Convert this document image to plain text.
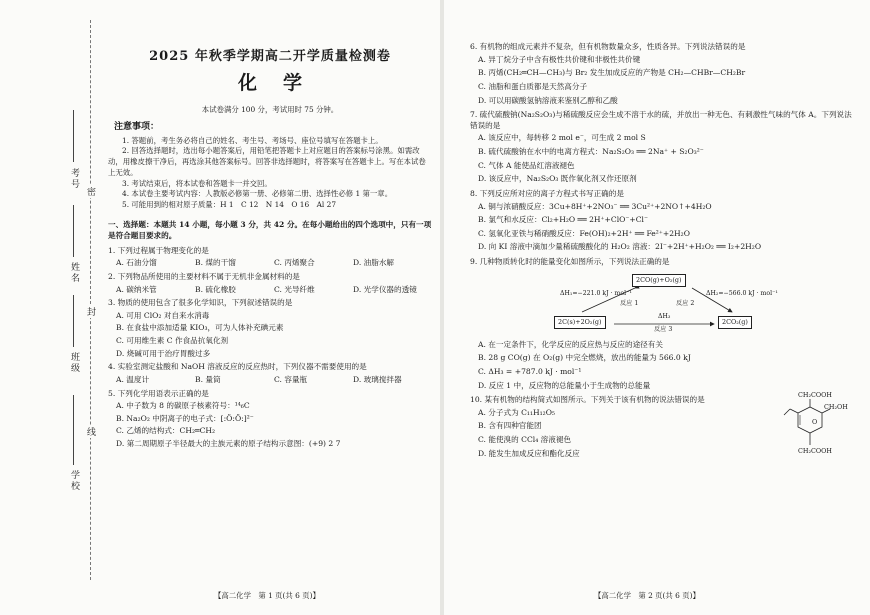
考号
姓名
班级
学校
密
封
线
2025 年秋季学期高二开学质量检测卷
化学
本试卷满分 100 分，考试用时 75 分钟。
注意事项：

1. 答题前，考生务必将自己的姓名、考生号、考场号、座位号填写在答题卡上。

2. 回答选择题时，选出每小题答案后，用铅笔把答题卡上对应题目的答案标号涂黑。如需改动，用橡皮擦干净后，再选涂其他答案标号。回答非选择题时，将答案写在答题卡上。写在本试卷上无效。

3. 考试结束后，将本试卷和答题卡一并交回。

4. 本试卷主要考试内容：人教版必修第一册、必修第二册、选择性必修 1 第一章。

5. 可能用到的相对原子质量：H 1　C 12　N 14　O 16　Al 27

一、选择题：本题共 14 小题，每小题 3 分，共 42 分。在每小题给出的四个选项中，只有一项是符合题目要求的。
1. 下列过程属于物理变化的是
A. 石油分馏	B. 煤的干馏	C. 丙烯聚合	D. 油脂水解
2. 下列物品所使用的主要材料不属于无机非金属材料的是
A. 碳纳米管	B. 硫化橡胶	C. 光导纤维	D. 光学仪器的透镜
3. 物质的使用包含了很多化学知识，下列叙述错误的是
A. 可用 ClO₂ 对自来水消毒
B. 在食盐中添加适量 KIO₃，可为人体补充碘元素
C. 可用维生素 C 作食品抗氧化剂
D. 烧碱可用于治疗胃酸过多
4. 实验室测定盐酸和 NaOH 溶液反应的反应热时，下列仪器不需要使用的是
A. 温度计	B. 量筒	C. 容量瓶	D. 玻璃搅拌器
5. 下列化学用语表示正确的是
A. 中子数为 8 的碳原子核素符号：¹⁴₆C
B. Na₂O₂ 中阴离子的电子式：[:Ö:Ö:]²⁻
C. 乙烯的结构式：CH₂═CH₂
D. 第二周期原子半径最大的主族元素的原子结构示意图：(+9) 2 7
【高二化学　第 1 页(共 6 页)】
6. 有机物的组成元素并不复杂，但有机物数量众多，性质各异。下列说法错误的是
A. 异丁烷分子中含有极性共价键和非极性共价键
B. 丙烯(CH₂═CH—CH₃)与 Br₂ 发生加成反应的产物是 CH₂—CHBr—CH₂Br
C. 油脂和蛋白质都是天然高分子
D. 可以用碳酸氢钠溶液来鉴别乙醇和乙酸
7. 硫代硫酸钠(Na₂S₂O₃)与稀硫酸反应会生成不溶于水的硫，并放出一种无色、有刺激性气味的气体 A。下列说法错误的是
A. 该反应中，每转移 2 mol e⁻，可生成 2 mol S
B. 硫代硫酸钠在水中的电离方程式：Na₂S₂O₃ ══ 2Na⁺ + S₂O₃²⁻
C. 气体 A 能使品红溶液褪色
D. 该反应中，Na₂S₂O₃ 既作氧化剂又作还原剂
8. 下列反应所对应的离子方程式书写正确的是
A. 铜与浓硝酸反应：3Cu+8H⁺+2NO₃⁻ ══ 3Cu²⁺+2NO↑+4H₂O
B. 氯气和水反应：Cl₂+H₂O ══ 2H⁺+ClO⁻+Cl⁻
C. 氢氧化亚铁与稀硝酸反应：Fe(OH)₂+2H⁺ ══ Fe²⁺+2H₂O
D. 向 KI 溶液中滴加少量稀硫酸酸化的 H₂O₂ 溶液：2I⁻+2H⁺+H₂O₂ ══ I₂+2H₂O
9. 几种物质转化时的能量变化如图所示，下列说法正确的是
2CO(g)+O₂(g)
2C(s)+2O₂(g)	2CO₂(g)
ΔH₁=−221.0 kJ · mol⁻¹	ΔH₂=−566.0 kJ · mol⁻¹
反应 1	反应 2
ΔH₃
反应 3
A. 在一定条件下，化学反应的反应热与反应的途径有关
B. 28 g CO(g) 在 O₂(g) 中完全燃烧，放出的能量为 566.0 kJ
C. ΔH₃ = +787.0 kJ · mol⁻¹
D. 反应 1 中，反应物的总能量小于生成物的总能量
10. 某有机物的结构简式如图所示。下列关于该有机物的说法错误的是	CH₂COOH
CH₂OH
CH₂COOH
O
A. 分子式为 C₁₁H₁₂O₅
B. 含有四种官能团
C. 能使溴的 CCl₄ 溶液褪色
D. 能发生加成反应和酯化反应
【高二化学　第 2 页(共 6 页)】
